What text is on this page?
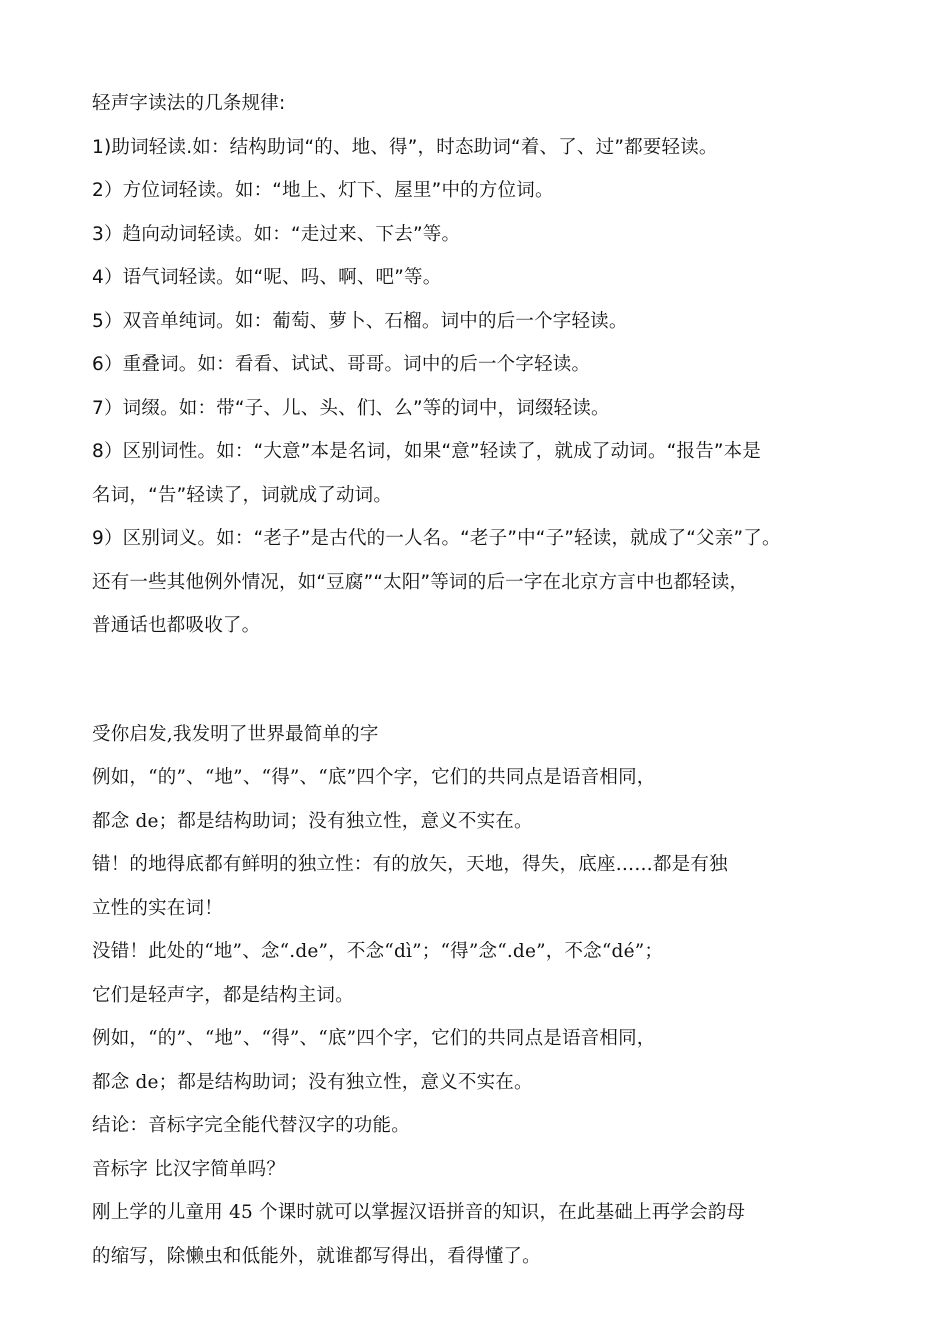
轻声字读法的几条规律:

1)助词轻读.如：结构助词“的、地、得”，时态助词“着、了、过”都要轻读。

2）方位词轻读。如：“地上、灯下、屋里”中的方位词。

3）趋向动词轻读。如：“走过来、下去”等。

4）语气词轻读。如“呢、吗、啊、吧”等。

5）双音单纯词。如：葡萄、萝卜、石榴。词中的后一个字轻读。

6）重叠词。如：看看、试试、哥哥。词中的后一个字轻读。

7）词缀。如：带“子、儿、头、们、么”等的词中，词缀轻读。

8）区别词性。如：“大意”本是名词，如果“意”轻读了，就成了动词。“报告”本是

名词，“告”轻读了，词就成了动词。

9）区别词义。如：“老子”是古代的一人名。“老子”中“子”轻读，就成了“父亲”了。

还有一些其他例外情况，如“豆腐”“太阳”等词的后一字在北京方言中也都轻读，

普通话也都吸收了。

受你启发,我发明了世界最简单的字

例如，“的”、“地”、“得”、“底”四个字，它们的共同点是语音相同，

都念 de；都是结构助词；没有独立性，意义不实在。

错！的地得底都有鲜明的独立性：有的放矢，天地，得失，底座……都是有独

立性的实在词！

没错！此处的“地”、念“.de”，不念“dì”；“得”念“.de”，不念“dé”；

它们是轻声字，都是结构主词。

例如，“的”、“地”、“得”、“底”四个字，它们的共同点是语音相同，

都念 de；都是结构助词；没有独立性，意义不实在。

结论：音标字完全能代替汉字的功能。

音标字 比汉字简单吗？

刚上学的儿童用 45 个课时就可以掌握汉语拼音的知识，在此基础上再学会韵母

的缩写，除懒虫和低能外，就谁都写得出，看得懂了。
